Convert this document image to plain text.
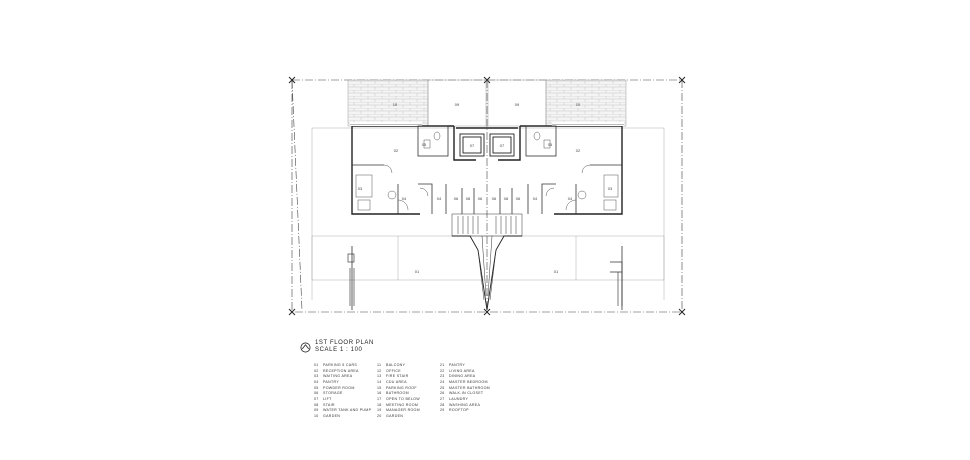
10	09	09	10
05	05
07	07
02	02
03	03
04	04	06 08	08 06	04	04
06 06
01	01
1ST FLOOR PLAN
SCALE 1 : 100
01 PARKING 5 CARS
02 RECEPTION AREA
03 WAITING AREA
04 PANTRY
05 POWDER ROOM
06 STORAGE
07 LIFT
08 STAIR
09 WATER TANK AND PUMP
10 GARDEN
11 BALCONY
12 OFFICE
13 FIRE STAIR
14 CDU AREA
15 PARKING ROOF
16 BATHROOM
17 OPEN TO BELOW
18 MEETING ROOM
19 MANAGER ROOM
20 GARDEN
21 PANTRY
22 LIVING AREA
23 DINING AREA
24 MASTER BEDROOM
25 MASTER BATHROOM
26 WALK-IN CLOSET
27 LAUNDRY
28 WASHING AREA
29 ROOFTOP
